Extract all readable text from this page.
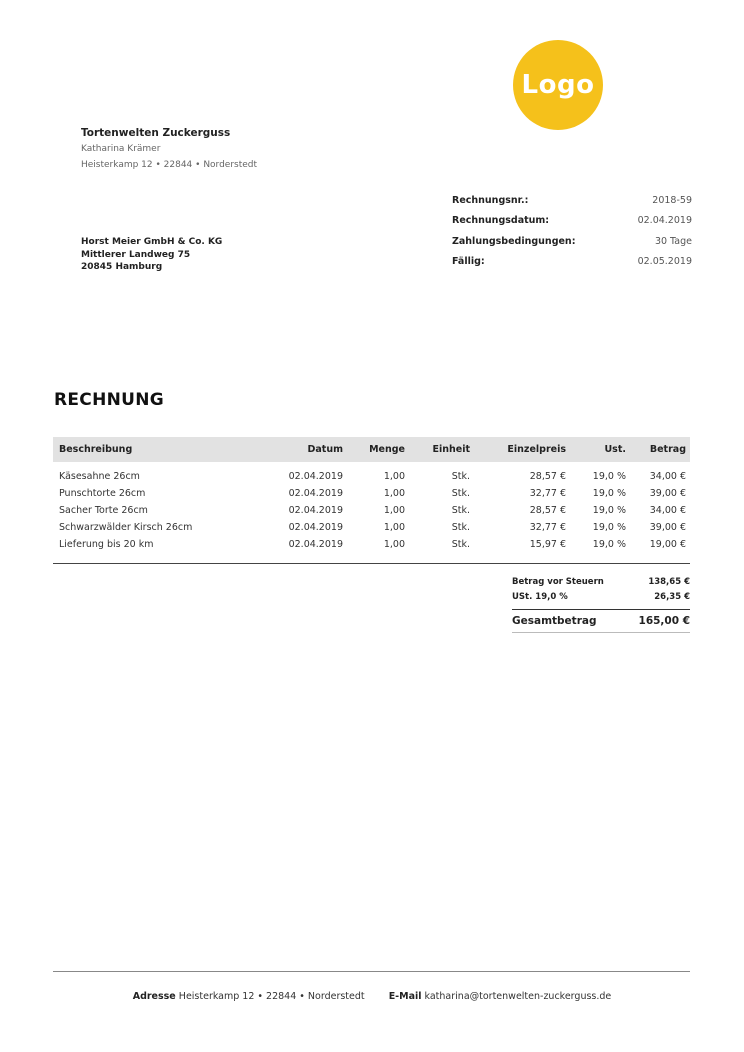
Logo
Tortenwelten Zuckerguss
Katharina Krämer
Heisterkamp 12 • 22844 • Norderstedt
Horst Meier GmbH & Co. KG
Mittlerer Landweg 75
20845 Hamburg
Rechnungsnr.:	2018-59
Rechnungsdatum:	02.04.2019
Zahlungsbedingungen:	30 Tage
Fällig:	02.05.2019
RECHNUNG
Beschreibung	Datum	Menge	Einheit	Einzelpreis	Ust.	Betrag
Käsesahne 26cm	02.04.2019	1,00	Stk.	28,57 €	19,0 %	34,00 €
Punschtorte 26cm	02.04.2019	1,00	Stk.	32,77 €	19,0 %	39,00 €
Sacher Torte 26cm	02.04.2019	1,00	Stk.	28,57 €	19,0 %	34,00 €
Schwarzwälder Kirsch 26cm	02.04.2019	1,00	Stk.	32,77 €	19,0 %	39,00 €
Lieferung bis 20 km	02.04.2019	1,00	Stk.	15,97 €	19,0 %	19,00 €
Betrag vor Steuern	138,65 €
USt. 19,0 %	26,35 €
Gesamtbetrag	165,00 €
Adresse Heisterkamp 12 • 22844 • Norderstedt	E-Mail katharina@tortenwelten-zuckerguss.de
